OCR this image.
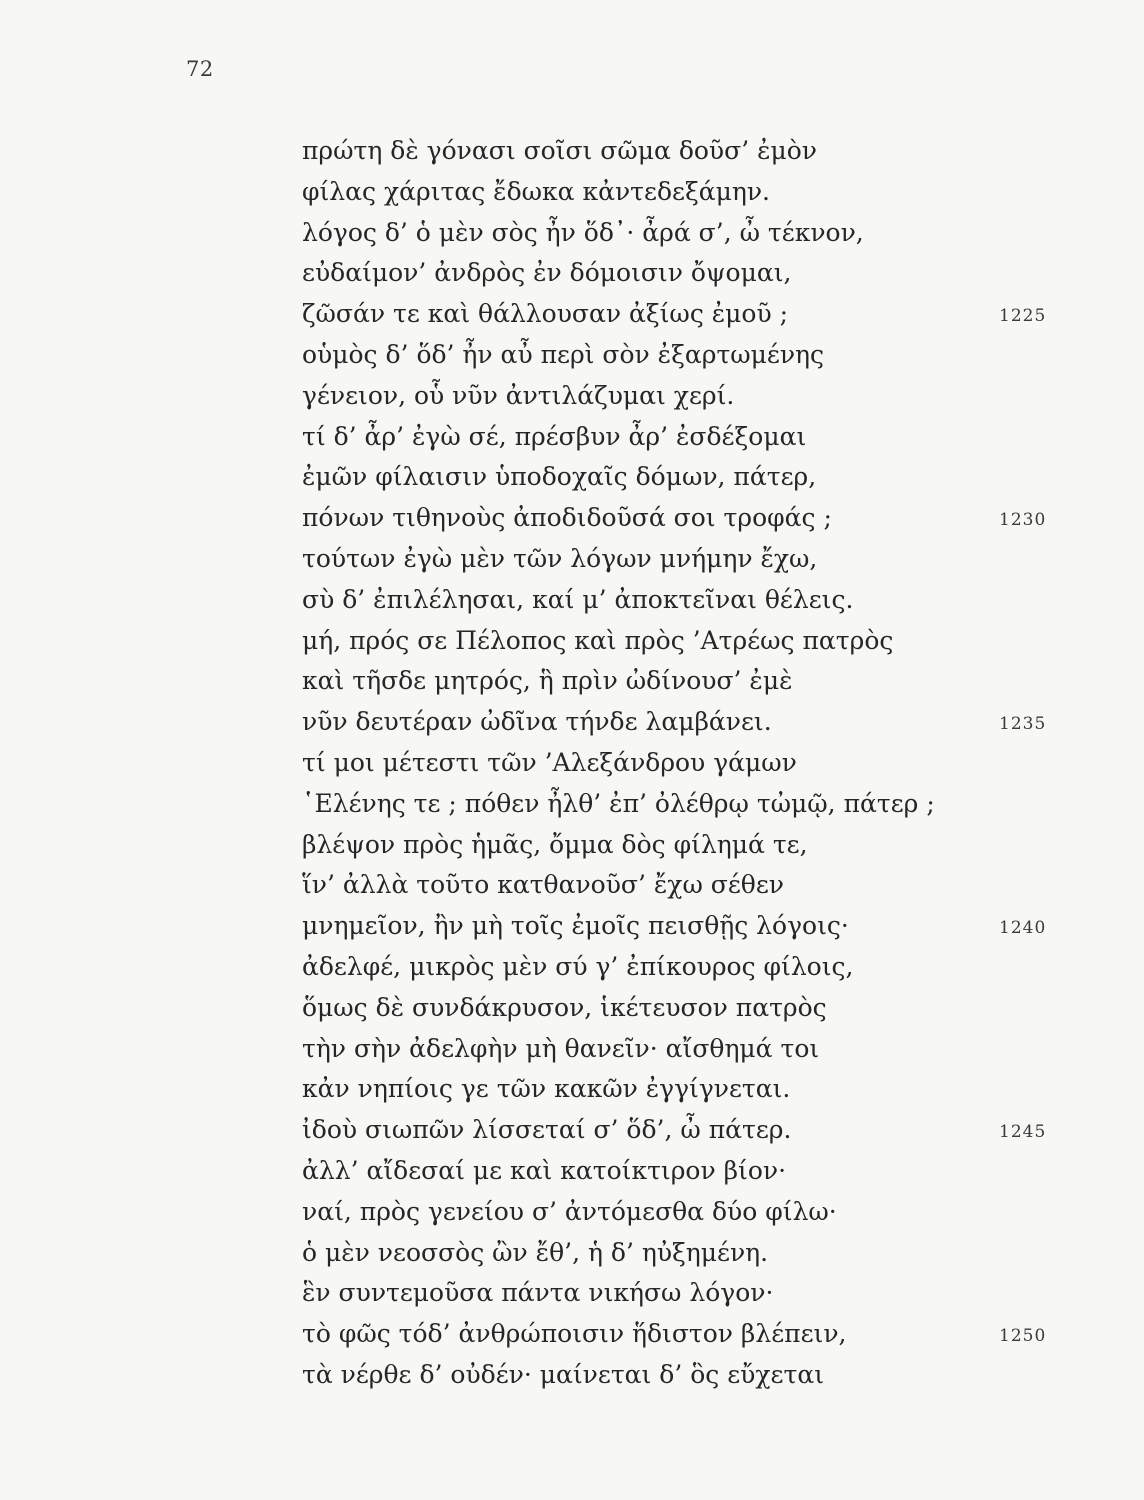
72
πρώτη δὲ γόνασι σοῖσι σῶμα δοῦσ’ ἐμὸν
φίλας χάριτας ἔδωκα κἀντεδεξάμην.
λόγος δ’ ὁ μὲν σὸς ἦν ὅδ᾽· ἆρά σ’, ὦ τέκνον,
εὐδαίμον’ ἀνδρὸς ἐν δόμοισιν ὄψομαι,
ζῶσάν τε καὶ θάλλουσαν ἀξίως ἐμοῦ ;	1225
οὑμὸς δ’ ὅδ’ ἦν αὖ περὶ σὸν ἐξαρτωμένης
γένειον, οὗ νῦν ἀντιλάζυμαι χερί.
τί δ’ ἆρ’ ἐγὼ σέ, πρέσβυν ἆρ’ ἐσδέξομαι
ἐμῶν φίλαισιν ὑποδοχαῖς δόμων, πάτερ,
πόνων τιθηνοὺς ἀποδιδοῦσά σοι τροφάς ;	1230
τούτων ἐγὼ μὲν τῶν λόγων μνήμην ἔχω,
σὺ δ’ ἐπιλέλησαι, καί μ’ ἀποκτεῖναι θέλεις.
μή, πρός σε Πέλοπος καὶ πρὸς ’Ατρέως πατρὸς
καὶ τῆσδε μητρός, ἣ πρὶν ὠδίνουσ’ ἐμὲ
νῦν δευτέραν ὠδῖνα τήνδε λαμβάνει.	1235
τί μοι μέτεστι τῶν ’Αλεξάνδρου γάμων
῾Ελένης τε ; πόθεν ἦλθ’ ἐπ’ ὀλέθρῳ τὠμῷ, πάτερ ;
βλέψον πρὸς ἡμᾶς, ὄμμα δὸς φίλημά τε,
ἵν’ ἀλλὰ τοῦτο κατθανοῦσ’ ἔχω σέθεν
μνημεῖον, ἢν μὴ τοῖς ἐμοῖς πεισθῇς λόγοις·	1240
ἀδελφέ, μικρὸς μὲν σύ γ’ ἐπίκουρος φίλοις,
ὅμως δὲ συνδάκρυσον, ἱκέτευσον πατρὸς
τὴν σὴν ἀδελφὴν μὴ θανεῖν· αἴσθημά τοι
κἀν νηπίοις γε τῶν κακῶν ἐγγίγνεται.
ἰδοὺ σιωπῶν λίσσεταί σ’ ὅδ’, ὦ πάτερ.	1245
ἀλλ’ αἴδεσαί με καὶ κατοίκτιρον βίον·
ναί, πρὸς γενείου σ’ ἀντόμεσθα δύο φίλω·
ὁ μὲν νεοσσὸς ὢν ἔθ’, ἡ δ’ ηὐξημένη.
ἓν συντεμοῦσα πάντα νικήσω λόγον·
τὸ φῶς τόδ’ ἀνθρώποισιν ἥδιστον βλέπειν,	1250
τὰ νέρθε δ’ οὐδέν· μαίνεται δ’ ὃς εὔχεται
